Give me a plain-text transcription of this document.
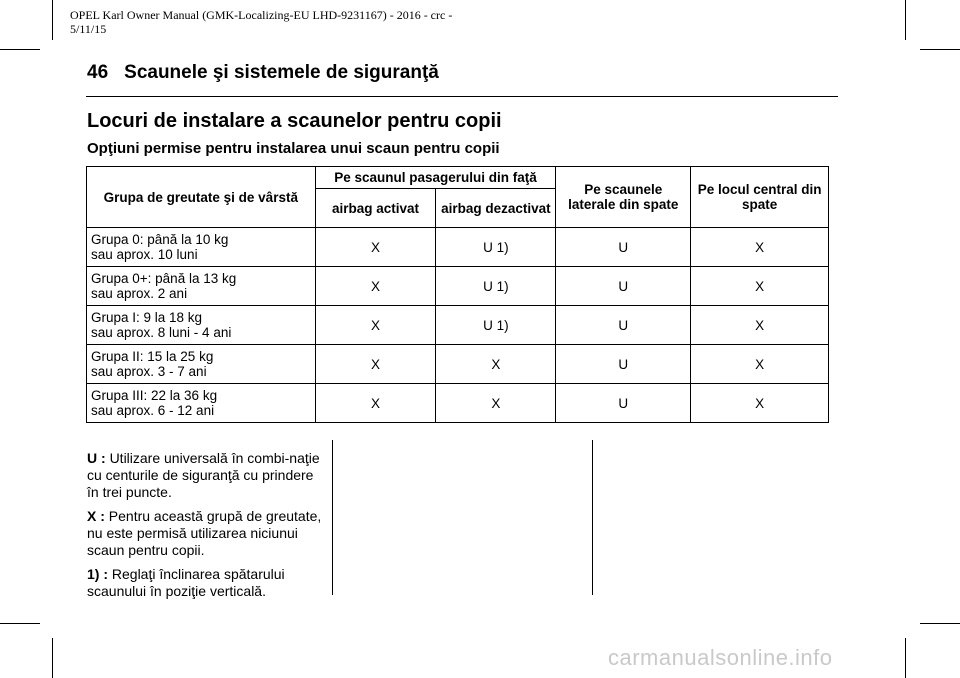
OPEL Karl Owner Manual (GMK-Localizing-EU LHD-9231167) - 2016 - crc -
5/11/15
46 Scaunele şi sistemele de siguranţă
Locuri de instalare a scaunelor pentru copii
Opţiuni permise pentru instalarea unui scaun pentru copii
Grupa de greutate şi de vârstă	Pe scaunul pasagerului din faţă		Pe scaunele laterale din spate	Pe locul central din spate
	airbag activat	airbag dezactivat		
Grupa 0: până la 10 kg
sau aprox. 10 luni	X	U 1)	U	X
Grupa 0+: până la 13 kg
sau aprox. 2 ani	X	U 1)	U	X
Grupa I: 9 la 18 kg
sau aprox. 8 luni - 4 ani	X	U 1)	U	X
Grupa II: 15 la 25 kg
sau aprox. 3 - 7 ani	X	X	U	X
Grupa III: 22 la 36 kg
sau aprox. 6 - 12 ani	X	X	U	X

U : Utilizare universală în combi-naţie cu centurile de siguranţă cu prindere în trei puncte.

X : Pentru această grupă de greutate, nu este permisă utilizarea niciunui scaun pentru copii.

1) : Reglaţi înclinarea spătarului scaunului în poziţie verticală.

carmanualsonline.info
